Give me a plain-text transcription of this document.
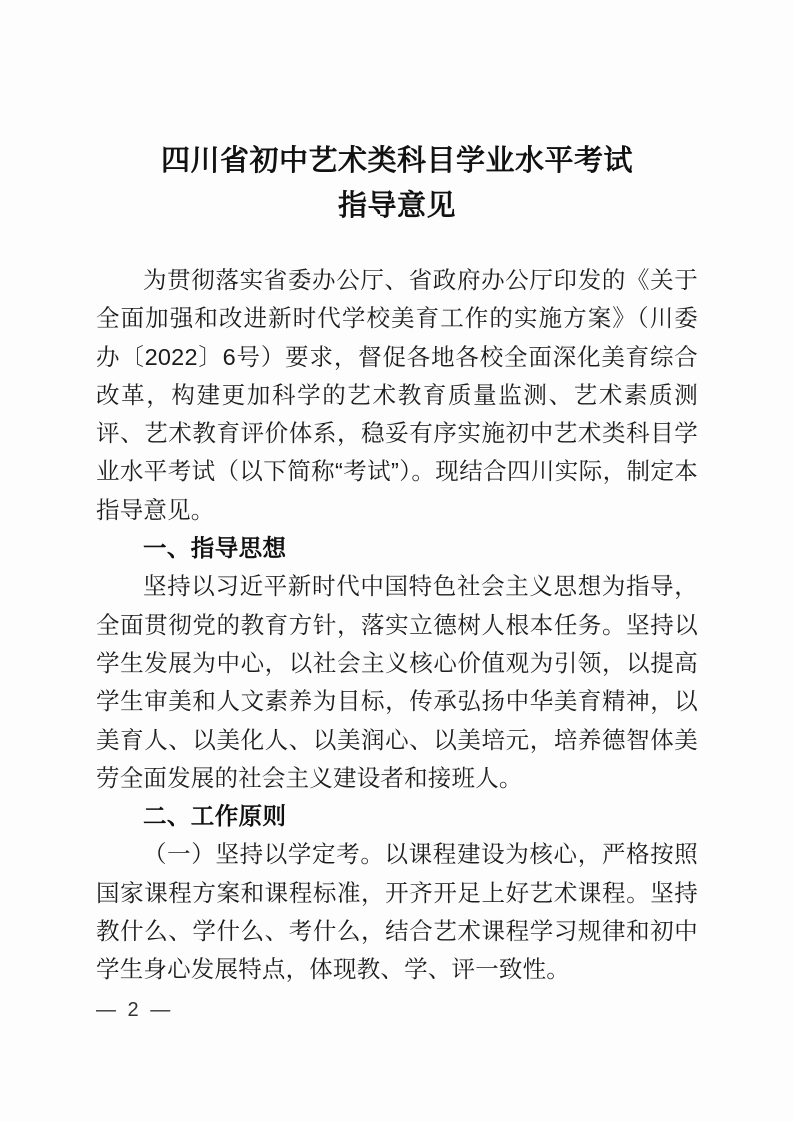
四川省初中艺术类科目学业水平考试
指导意见

为贯彻落实省委办公厅、省政府办公厅印发的《关于全面加强和改进新时代学校美育工作的实施方案》（川委办〔2022〕6号）要求，督促各地各校全面深化美育综合改革，构建更加科学的艺术教育质量监测、艺术素质测评、艺术教育评价体系，稳妥有序实施初中艺术类科目学业水平考试（以下简称“考试”）。现结合四川实际，制定本指导意见。

一、指导思想

坚持以习近平新时代中国特色社会主义思想为指导，全面贯彻党的教育方针，落实立德树人根本任务。坚持以学生发展为中心，以社会主义核心价值观为引领，以提高学生审美和人文素养为目标，传承弘扬中华美育精神，以美育人、以美化人、以美润心、以美培元，培养德智体美劳全面发展的社会主义建设者和接班人。

二、工作原则

（一）坚持以学定考。以课程建设为核心，严格按照国家课程方案和课程标准，开齐开足上好艺术课程。坚持教什么、学什么、考什么，结合艺术课程学习规律和初中学生身心发展特点，体现教、学、评一致性。

— 2 —
